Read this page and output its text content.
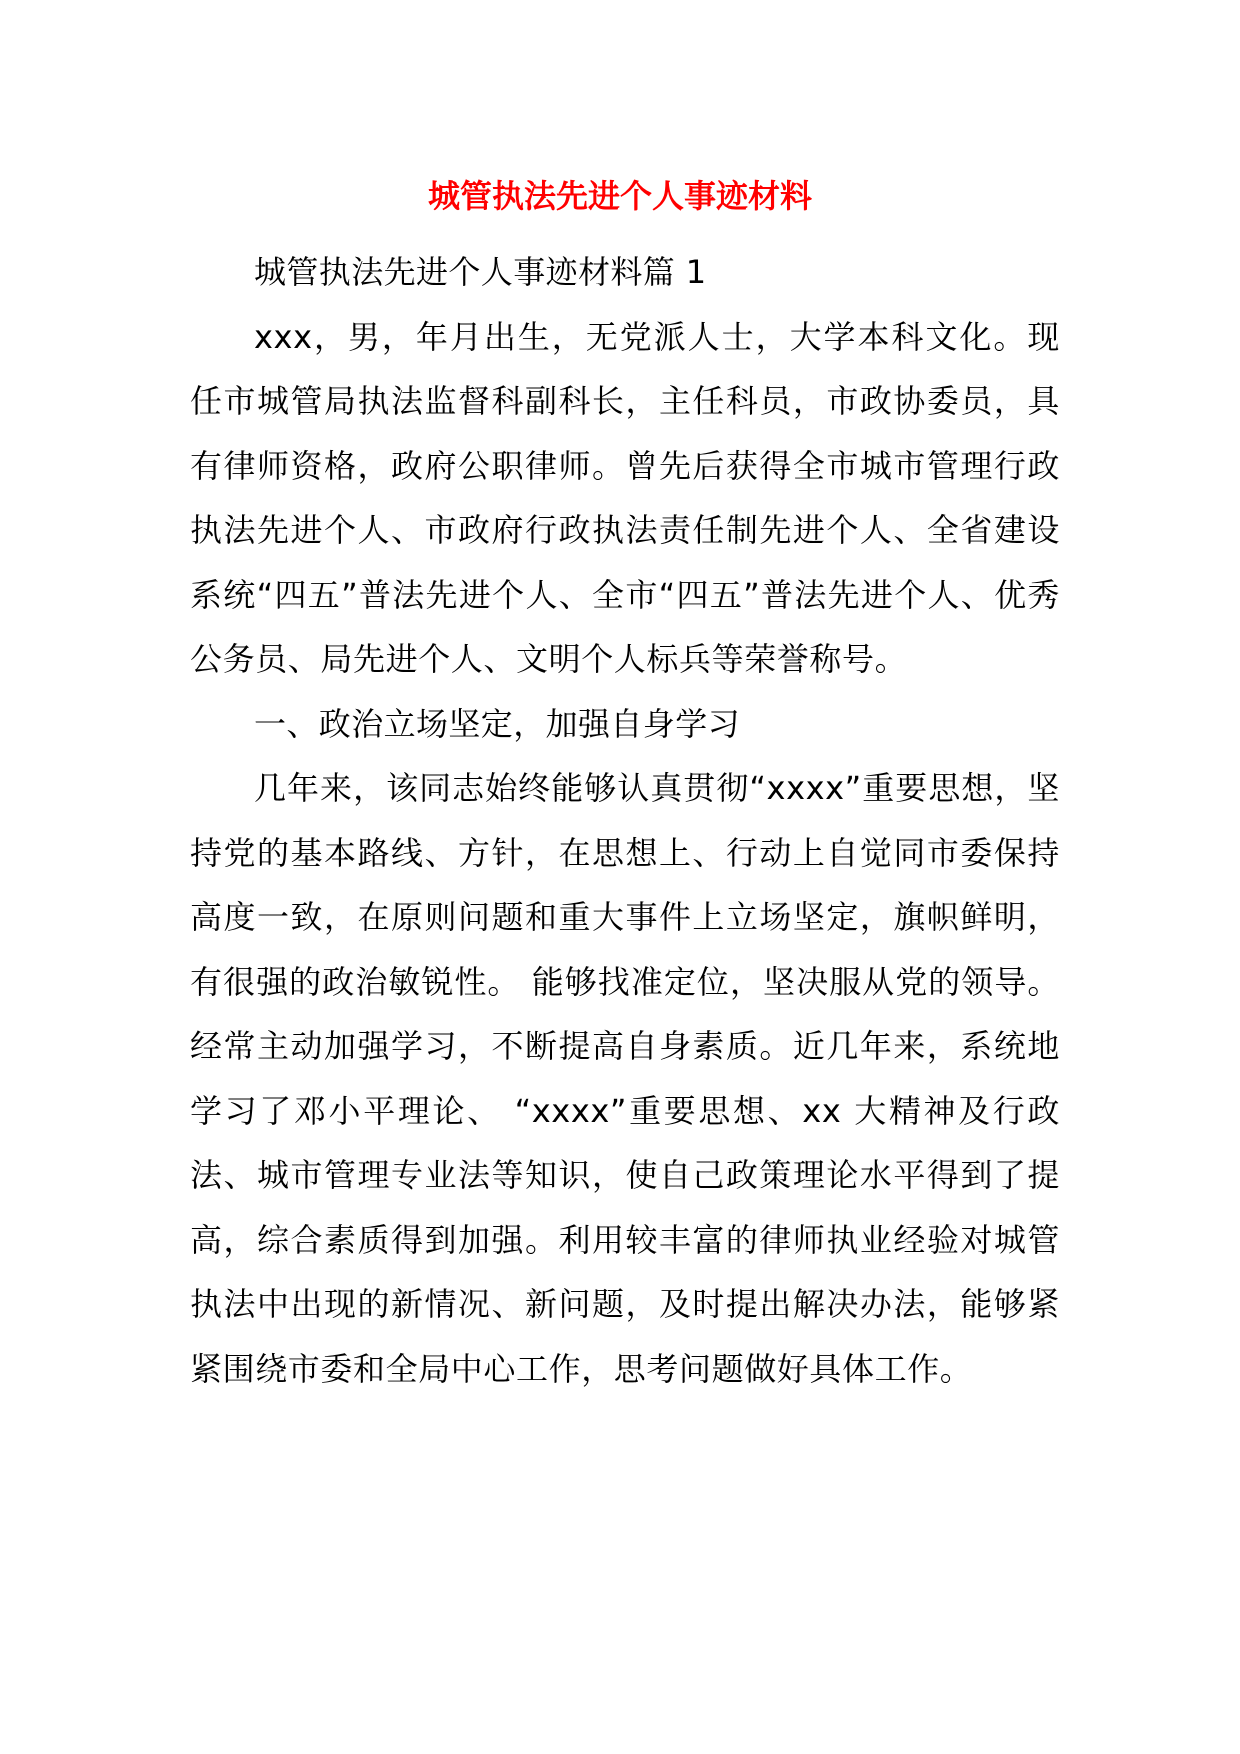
城管执法先进个人事迹材料

城管执法先进个人事迹材料篇 1

xxx，男，年月出生，无党派人士，大学本科文化。现任市城管局执法监督科副科长，主任科员，市政协委员，具有律师资格，政府公职律师。曾先后获得全市城市管理行政执法先进个人、市政府行政执法责任制先进个人、全省建设系统“四五”普法先进个人、全市“四五”普法先进个人、优秀公务员、局先进个人、文明个人标兵等荣誉称号。

一、政治立场坚定，加强自身学习

几年来，该同志始终能够认真贯彻“xxxx”重要思想，坚持党的基本路线、方针，在思想上、行动上自觉同市委保持高度一致，在原则问题和重大事件上立场坚定，旗帜鲜明，有很强的政治敏锐性。 能够找准定位，坚决服从党的领导。经常主动加强学习，不断提高自身素质。近几年来，系统地 学习了邓小平理论、 “xxxx”重要思想、xx 大精神及行政法、城市管理专业法等知识，使自己政策理论水平得到了提高，综合素质得到加强。利用较丰富的律师执业经验对城管执法中出现的新情况、新问题，及时提出解决办法，能够紧紧围绕市委和全局中心工作，思考问题做好具体工作。
